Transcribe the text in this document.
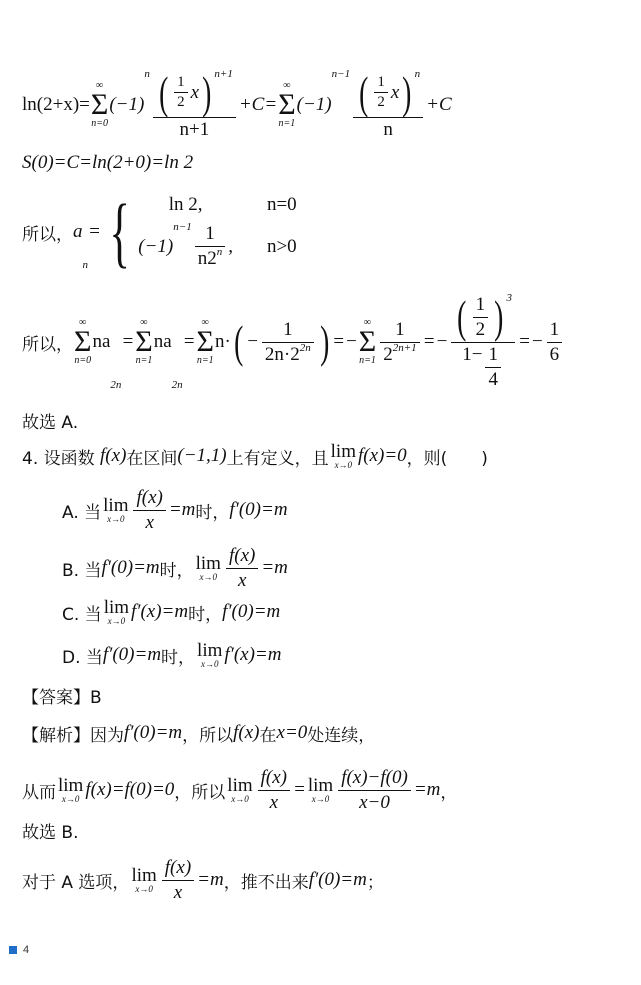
ln(2+x)=
∞
Σ
n=0
(−1)
n $\frac{( \frac{1}{2} x ) n+1}{n+1} +C=$
∞
Σ
n=1
(−1)
$n-1 \frac{( \frac{1}{2} x ) n}{n} +C$
S(0)=C=ln(2+0)=ln 2
所以， a
n
= { ln 2,	n=0
(−1)
$n-1 \frac{1}{n2 n}$ , n>0
所以，
∞
Σ
n=0
na
2n
=
∞
Σ
n=1
na
2n
=
∞
Σ
n=1
n· ( − $\frac{1}{2n\cdot 2 2n}$ ) =−
∞
Σ
$n=1 \frac{1}{2 2n+1} =- \frac{( \frac{1}{2} ) 3}{1- \frac{1}{4}} =- \frac{1}{6}$
故选 A.
4. 设函数 f(x) 在区间 (−1,1) 上有定义，且 lim
x→0 f(x)=0 ，则(　　)
A. 当 lim
$x\to 0 \frac{f(x)}{x} =m$ 时， f′(0)=m
B. 当 f′(0)=m 时， lim
$x\to 0 \frac{f(x)}{x} =m$
C. 当 lim
x→0 f′(x)=m 时， f′(0)=m
D. 当 f′(0)=m 时， lim
x→0 f′(x)=m
【答案】B
【解析】因为 f′(0)=m ，所以 f(x) 在 x=0 处连续，
从而 lim
x→0 f(x)=f(0)=0 ，所以 lim
$x\to 0 \frac{f(x)}{x} = \lim$
$x\to 0 \frac{f(x)-f(0)}{x-0} =m$ ，
故选 B.
对于 A 选项， lim
$x\to 0 \frac{f(x)}{x} =m$ ，推不出来 f′(0)=m ；
4
